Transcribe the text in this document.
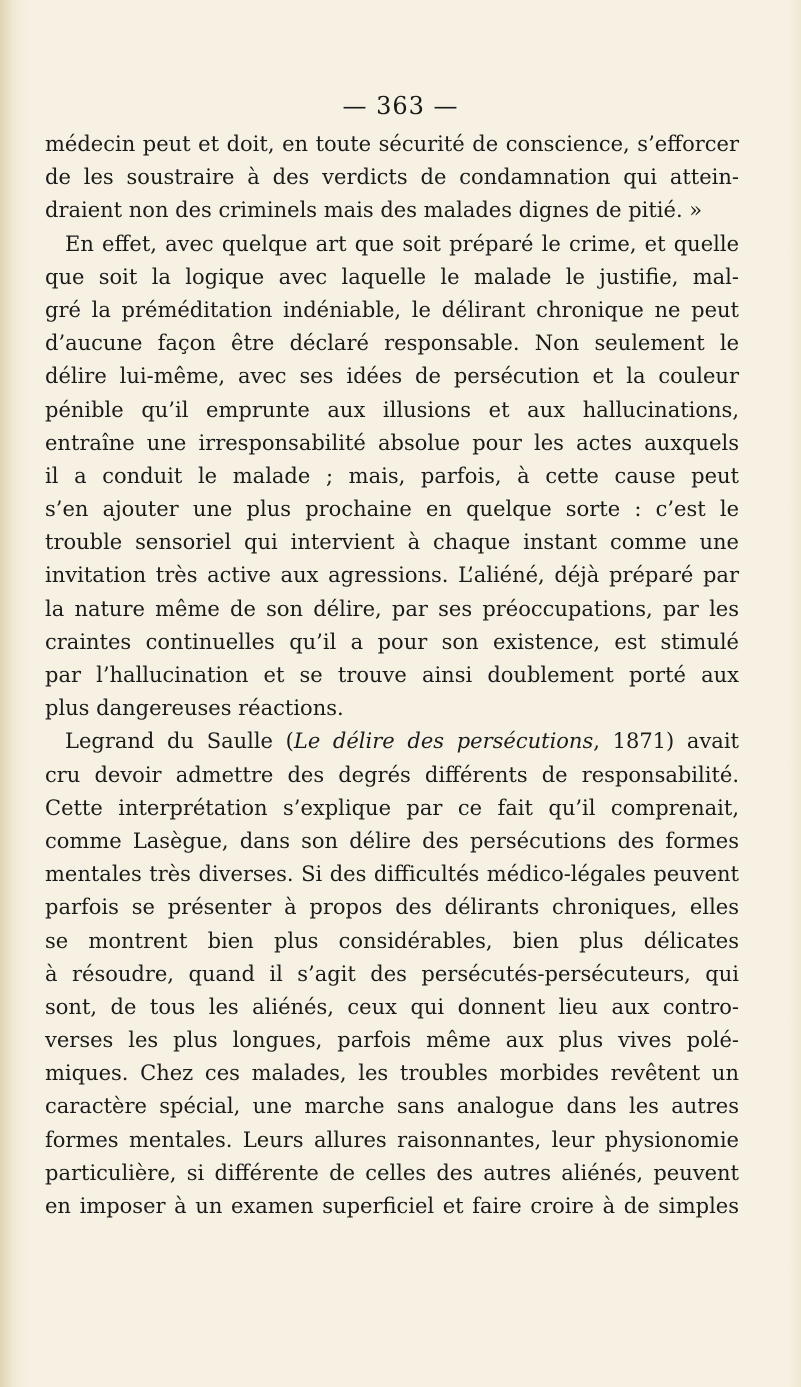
— 363 —
médecin peut et doit, en toute sécurité de conscience, s’efforcer
de les soustraire à des verdicts de condamnation qui attein-
draient non des criminels mais des malades dignes de pitié. »
En effet, avec quelque art que soit préparé le crime, et quelle
que soit la logique avec laquelle le malade le justifie, mal-
gré la préméditation indéniable, le délirant chronique ne peut
d’aucune façon être déclaré responsable. Non seulement le
délire lui-même, avec ses idées de persécution et la couleur
pénible qu’il emprunte aux illusions et aux hallucinations,
entraîne une irresponsabilité absolue pour les actes auxquels
il a conduit le malade ; mais, parfois, à cette cause peut
s’en ajouter une plus prochaine en quelque sorte : c’est le
trouble sensoriel qui intervient à chaque instant comme une
invitation très active aux agressions. L’aliéné, déjà préparé par
la nature même de son délire, par ses préoccupations, par les
craintes continuelles qu’il a pour son existence, est stimulé
par l’hallucination et se trouve ainsi doublement porté aux
plus dangereuses réactions.
Legrand du Saulle (Le délire des persécutions, 1871) avait
cru devoir admettre des degrés différents de responsabilité.
Cette interprétation s’explique par ce fait qu’il comprenait,
comme Lasègue, dans son délire des persécutions des formes
mentales très diverses. Si des difficultés médico-légales peuvent
parfois se présenter à propos des délirants chroniques, elles
se montrent bien plus considérables, bien plus délicates
à résoudre, quand il s’agit des persécutés-persécuteurs, qui
sont, de tous les aliénés, ceux qui donnent lieu aux contro-
verses les plus longues, parfois même aux plus vives polé-
miques. Chez ces malades, les troubles morbides revêtent un
caractère spécial, une marche sans analogue dans les autres
formes mentales. Leurs allures raisonnantes, leur physionomie
particulière, si différente de celles des autres aliénés, peuvent
en imposer à un examen superficiel et faire croire à de simples
